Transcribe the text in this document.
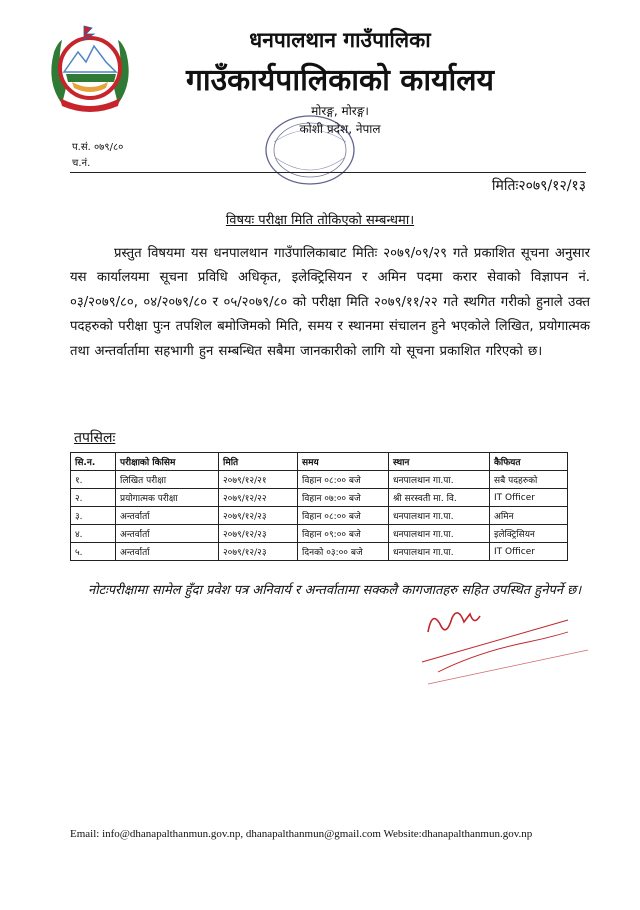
धनपालथान गाउँपालिका
गाउँकार्यपालिकाको कार्यालय
मोरङ्ग, मोरङ्ग।
कोशी प्रदेश, नेपाल
प.सं. ०७९/८०
च.नं.
मितिः२०७९/१२/१३
विषयः परीक्षा मिति तोकिएको सम्बन्धमा।
प्रस्तुत विषयमा यस धनपालथान गाउँपालिकाबाट मितिः २०७९/०९/२९ गते प्रकाशित सूचना अनुसार यस कार्यालयमा सूचना प्रविधि अधिकृत, इलेक्ट्रिसियन र अमिन पदमा करार सेवाको विज्ञापन नं. ०३/२०७९/८०, ०४/२०७९/८० र ०५/२०७९/८० को परीक्षा मिति २०७९/११/२२ गते स्थगित गरीको हुनाले उक्त पदहरुको परीक्षा पुःन तपशिल बमोजिमको मिति, समय र स्थानमा संचालन हुने भएकोले लिखित, प्रयोगात्मक तथा अन्तर्वार्तामा सहभागी हुन सम्बन्धित सबैमा जानकारीको लागि यो सूचना प्रकाशित गरिएको छ।
तपसिलः
सि.न.	परीक्षाको किसिम	मिति	समय	स्थान	कैफियत
१.	लिखित परीक्षा	२०७९/१२/२१	विहान ०८:०० बजे	धनपालथान गा.पा.	सबै पदहरुको
२.	प्रयोगात्मक परीक्षा	२०७९/१२/२२	विहान ०७:०० बजे	श्री सरस्वती मा. वि.	IT Officer
३.	अन्तर्वार्ता	२०७९/१२/२३	विहान ०८:०० बजे	धनपालथान गा.पा.	अमिन
४.	अन्तर्वार्ता	२०७९/१२/२३	विहान ०९:०० बजे	धनपालथान गा.पा.	इलेक्ट्रिसियन
५.	अन्तर्वार्ता	२०७९/१२/२३	दिनको ०३:०० बजे	धनपालथान गा.पा.	IT Officer
नोटःपरीक्षामा सामेल हुँदा प्रवेश पत्र अनिवार्य र अन्तर्वातामा सक्कलै कागजातहरु सहित उपस्थित हुनेपर्ने छ।
Email: info@dhanapalthanmun.gov.np, dhanapalthanmun@gmail.com Website:dhanapalthanmun.gov.np
